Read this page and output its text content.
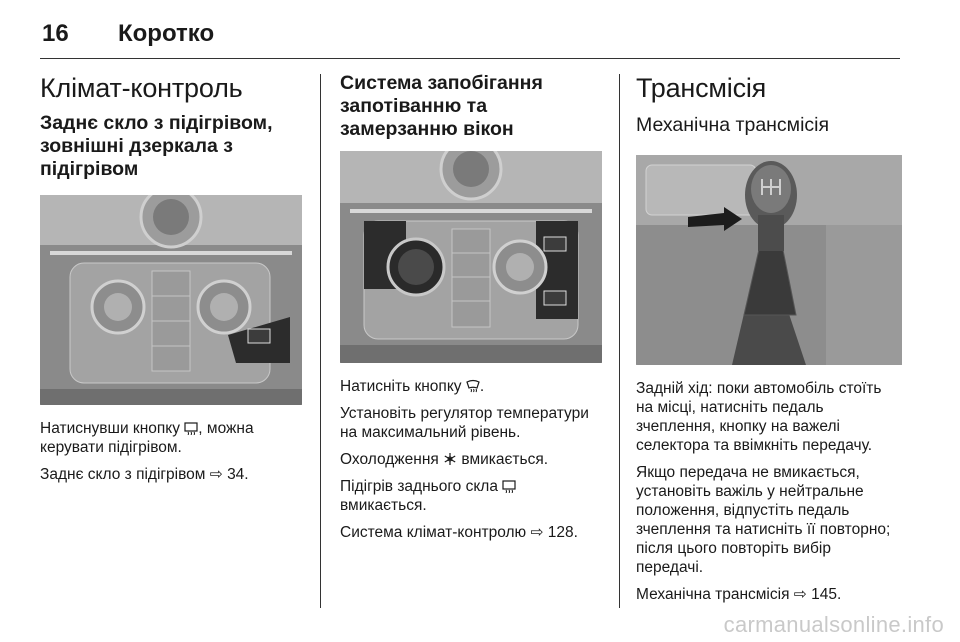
16 Коротко
Клімат-контроль
Заднє скло з підігрівом, зовнішні дзеркала з підігрівом

Натиснувши кнопку , можна керувати підігрівом.

Заднє скло з підігрівом ⇨ 34.

Система запобігання запотіванню та замерзанню вікон

Натисніть кнопку .

Установіть регулятор температури на максимальний рівень.

Охолодження  вмикається.

Підігрів заднього скла  вмикається.

Система клімат-контролю ⇨ 128.

Трансмісія
Механічна трансмісія

Задній хід: поки автомобіль стоїть на місці, натисніть педаль зчеплення, кнопку на важелі селектора та ввімкніть передачу.

Якщо передача не вмикається, установіть важіль у нейтральне положення, відпустіть педаль зчеплення та натисніть її повторно; після цього повторіть вибір передачі.

Механічна трансмісія ⇨ 145.

carmanualsonline.info
